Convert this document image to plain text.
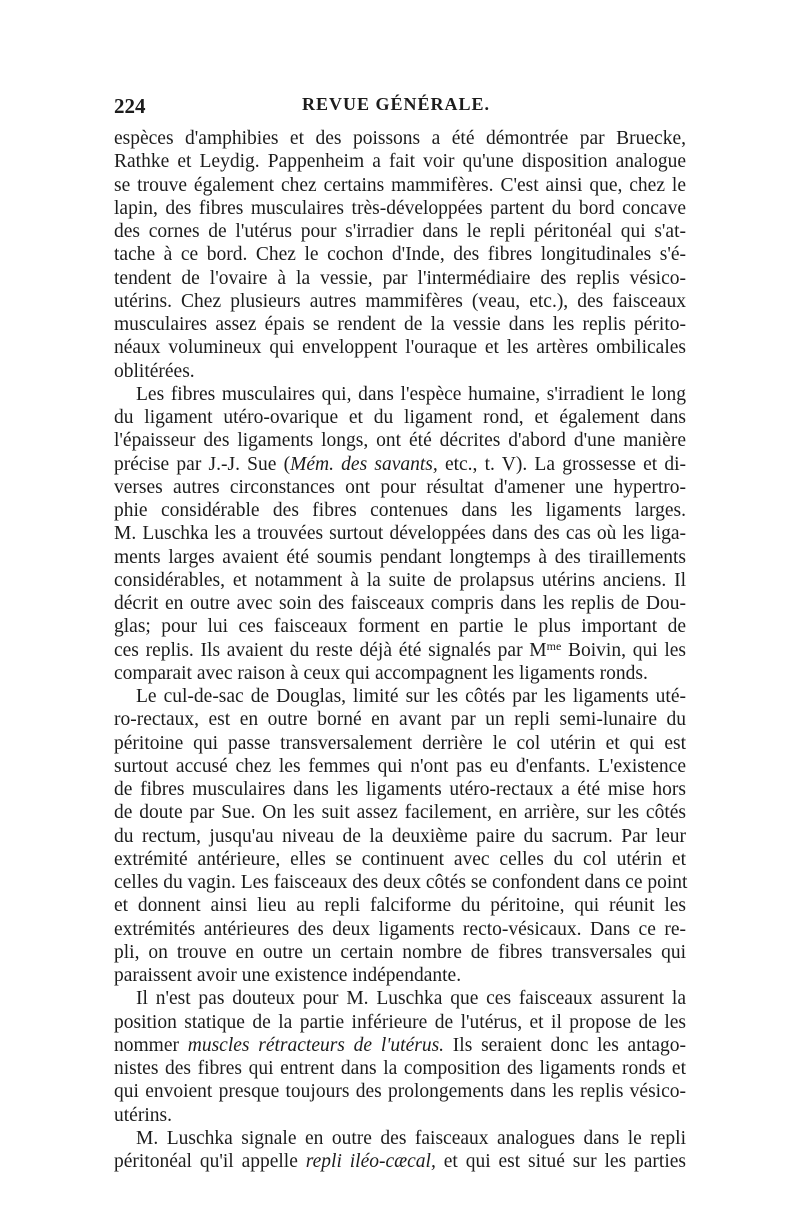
224	REVUE GÉNÉRALE.
espèces d'amphibies et des poissons a été démontrée par Bruecke,
Rathke et Leydig. Pappenheim a fait voir qu'une disposition analogue
se trouve également chez certains mammifères. C'est ainsi que, chez le
lapin, des fibres musculaires très-développées partent du bord concave
des cornes de l'utérus pour s'irradier dans le repli péritonéal qui s'at-
tache à ce bord. Chez le cochon d'Inde, des fibres longitudinales s'é-
tendent de l'ovaire à la vessie, par l'intermédiaire des replis vésico-
utérins. Chez plusieurs autres mammifères (veau, etc.), des faisceaux
musculaires assez épais se rendent de la vessie dans les replis périto-
néaux volumineux qui enveloppent l'ouraque et les artères ombilicales
oblitérées.
Les fibres musculaires qui, dans l'espèce humaine, s'irradient le long
du ligament utéro-ovarique et du ligament rond, et également dans
l'épaisseur des ligaments longs, ont été décrites d'abord d'une manière
précise par J.-J. Sue (Mém. des savants, etc., t. V). La grossesse et di-
verses autres circonstances ont pour résultat d'amener une hypertro-
phie considérable des fibres contenues dans les ligaments larges.
M. Luschka les a trouvées surtout développées dans des cas où les liga-
ments larges avaient été soumis pendant longtemps à des tiraillements
considérables, et notamment à la suite de prolapsus utérins anciens. Il
décrit en outre avec soin des faisceaux compris dans les replis de Dou-
glas; pour lui ces faisceaux forment en partie le plus important de
ces replis. Ils avaient du reste déjà été signalés par $M^{me}$ Boivin, qui les
comparait avec raison à ceux qui accompagnent les ligaments ronds.
Le cul-de-sac de Douglas, limité sur les côtés par les ligaments uté-
ro-rectaux, est en outre borné en avant par un repli semi-lunaire du
péritoine qui passe transversalement derrière le col utérin et qui est
surtout accusé chez les femmes qui n'ont pas eu d'enfants. L'existence
de fibres musculaires dans les ligaments utéro-rectaux a été mise hors
de doute par Sue. On les suit assez facilement, en arrière, sur les côtés
du rectum, jusqu'au niveau de la deuxième paire du sacrum. Par leur
extrémité antérieure, elles se continuent avec celles du col utérin et
celles du vagin. Les faisceaux des deux côtés se confondent dans ce point
et donnent ainsi lieu au repli falciforme du péritoine, qui réunit les
extrémités antérieures des deux ligaments recto-vésicaux. Dans ce re-
pli, on trouve en outre un certain nombre de fibres transversales qui
paraissent avoir une existence indépendante.
Il n'est pas douteux pour M. Luschka que ces faisceaux assurent la
position statique de la partie inférieure de l'utérus, et il propose de les
nommer muscles rétracteurs de l'utérus. Ils seraient donc les antago-
nistes des fibres qui entrent dans la composition des ligaments ronds et
qui envoient presque toujours des prolongements dans les replis vésico-
utérins.
M. Luschka signale en outre des faisceaux analogues dans le repli
péritonéal qu'il appelle repli iléo-cæcal, et qui est situé sur les parties
